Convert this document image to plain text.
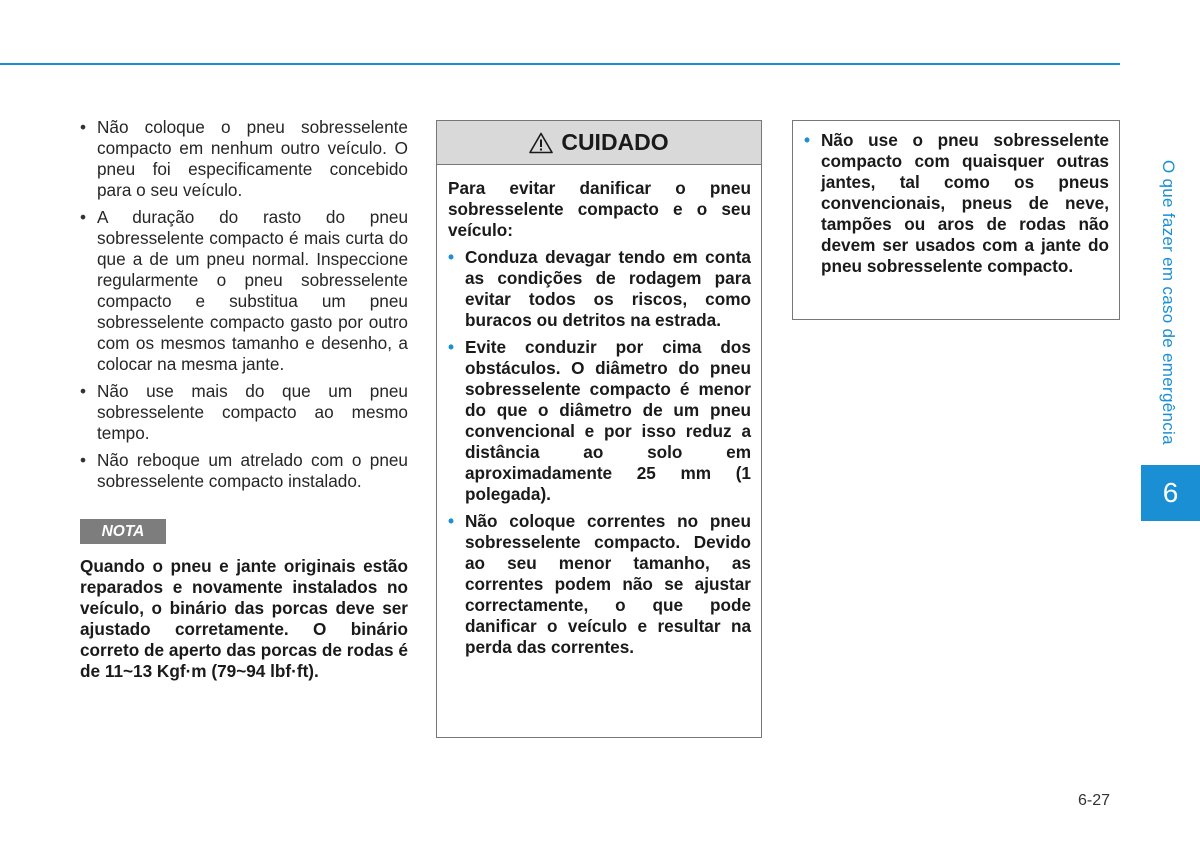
• Não coloque o pneu sobresselente compacto em nenhum outro veículo. O pneu foi especificamente concebido para o seu veículo.
• A duração do rasto do pneu sobresselente compacto é mais curta do que a de um pneu normal. Inspeccione regularmente o pneu sobresselente compacto e substitua um pneu sobresselente compacto gasto por outro com os mesmos tamanho e desenho, a colocar na mesma jante.
• Não use mais do que um pneu sobresselente compacto ao mesmo tempo.
• Não reboque um atrelado com o pneu sobresselente compacto instalado.
NOTA
Quando o pneu e jante originais estão reparados e novamente instalados no veículo, o binário das porcas deve ser ajustado corretamente. O binário correto de aperto das porcas de rodas é de 11~13 Kgf·m (79~94 lbf·ft).
CUIDADO
Para evitar danificar o pneu sobresselente compacto e o seu veículo:
• Conduza devagar tendo em conta as condições de rodagem para evitar todos os riscos, como buracos ou detritos na estrada.
• Evite conduzir por cima dos obstáculos. O diâmetro do pneu sobresselente compacto é menor do que o diâmetro de um pneu convencional e por isso reduz a distância ao solo em aproximadamente 25 mm (1 polegada).
• Não coloque correntes no pneu sobresselente compacto. Devido ao seu menor tamanho, as correntes podem não se ajustar correctamente, o que pode danificar o veículo e resultar na perda das correntes.
• Não use o pneu sobresselente compacto com quaisquer outras jantes, tal como os pneus convencionais, pneus de neve, tampões ou aros de rodas não devem ser usados com a jante do pneu sobresselente compacto.	O que fazer em caso de emergência
6
6-27
